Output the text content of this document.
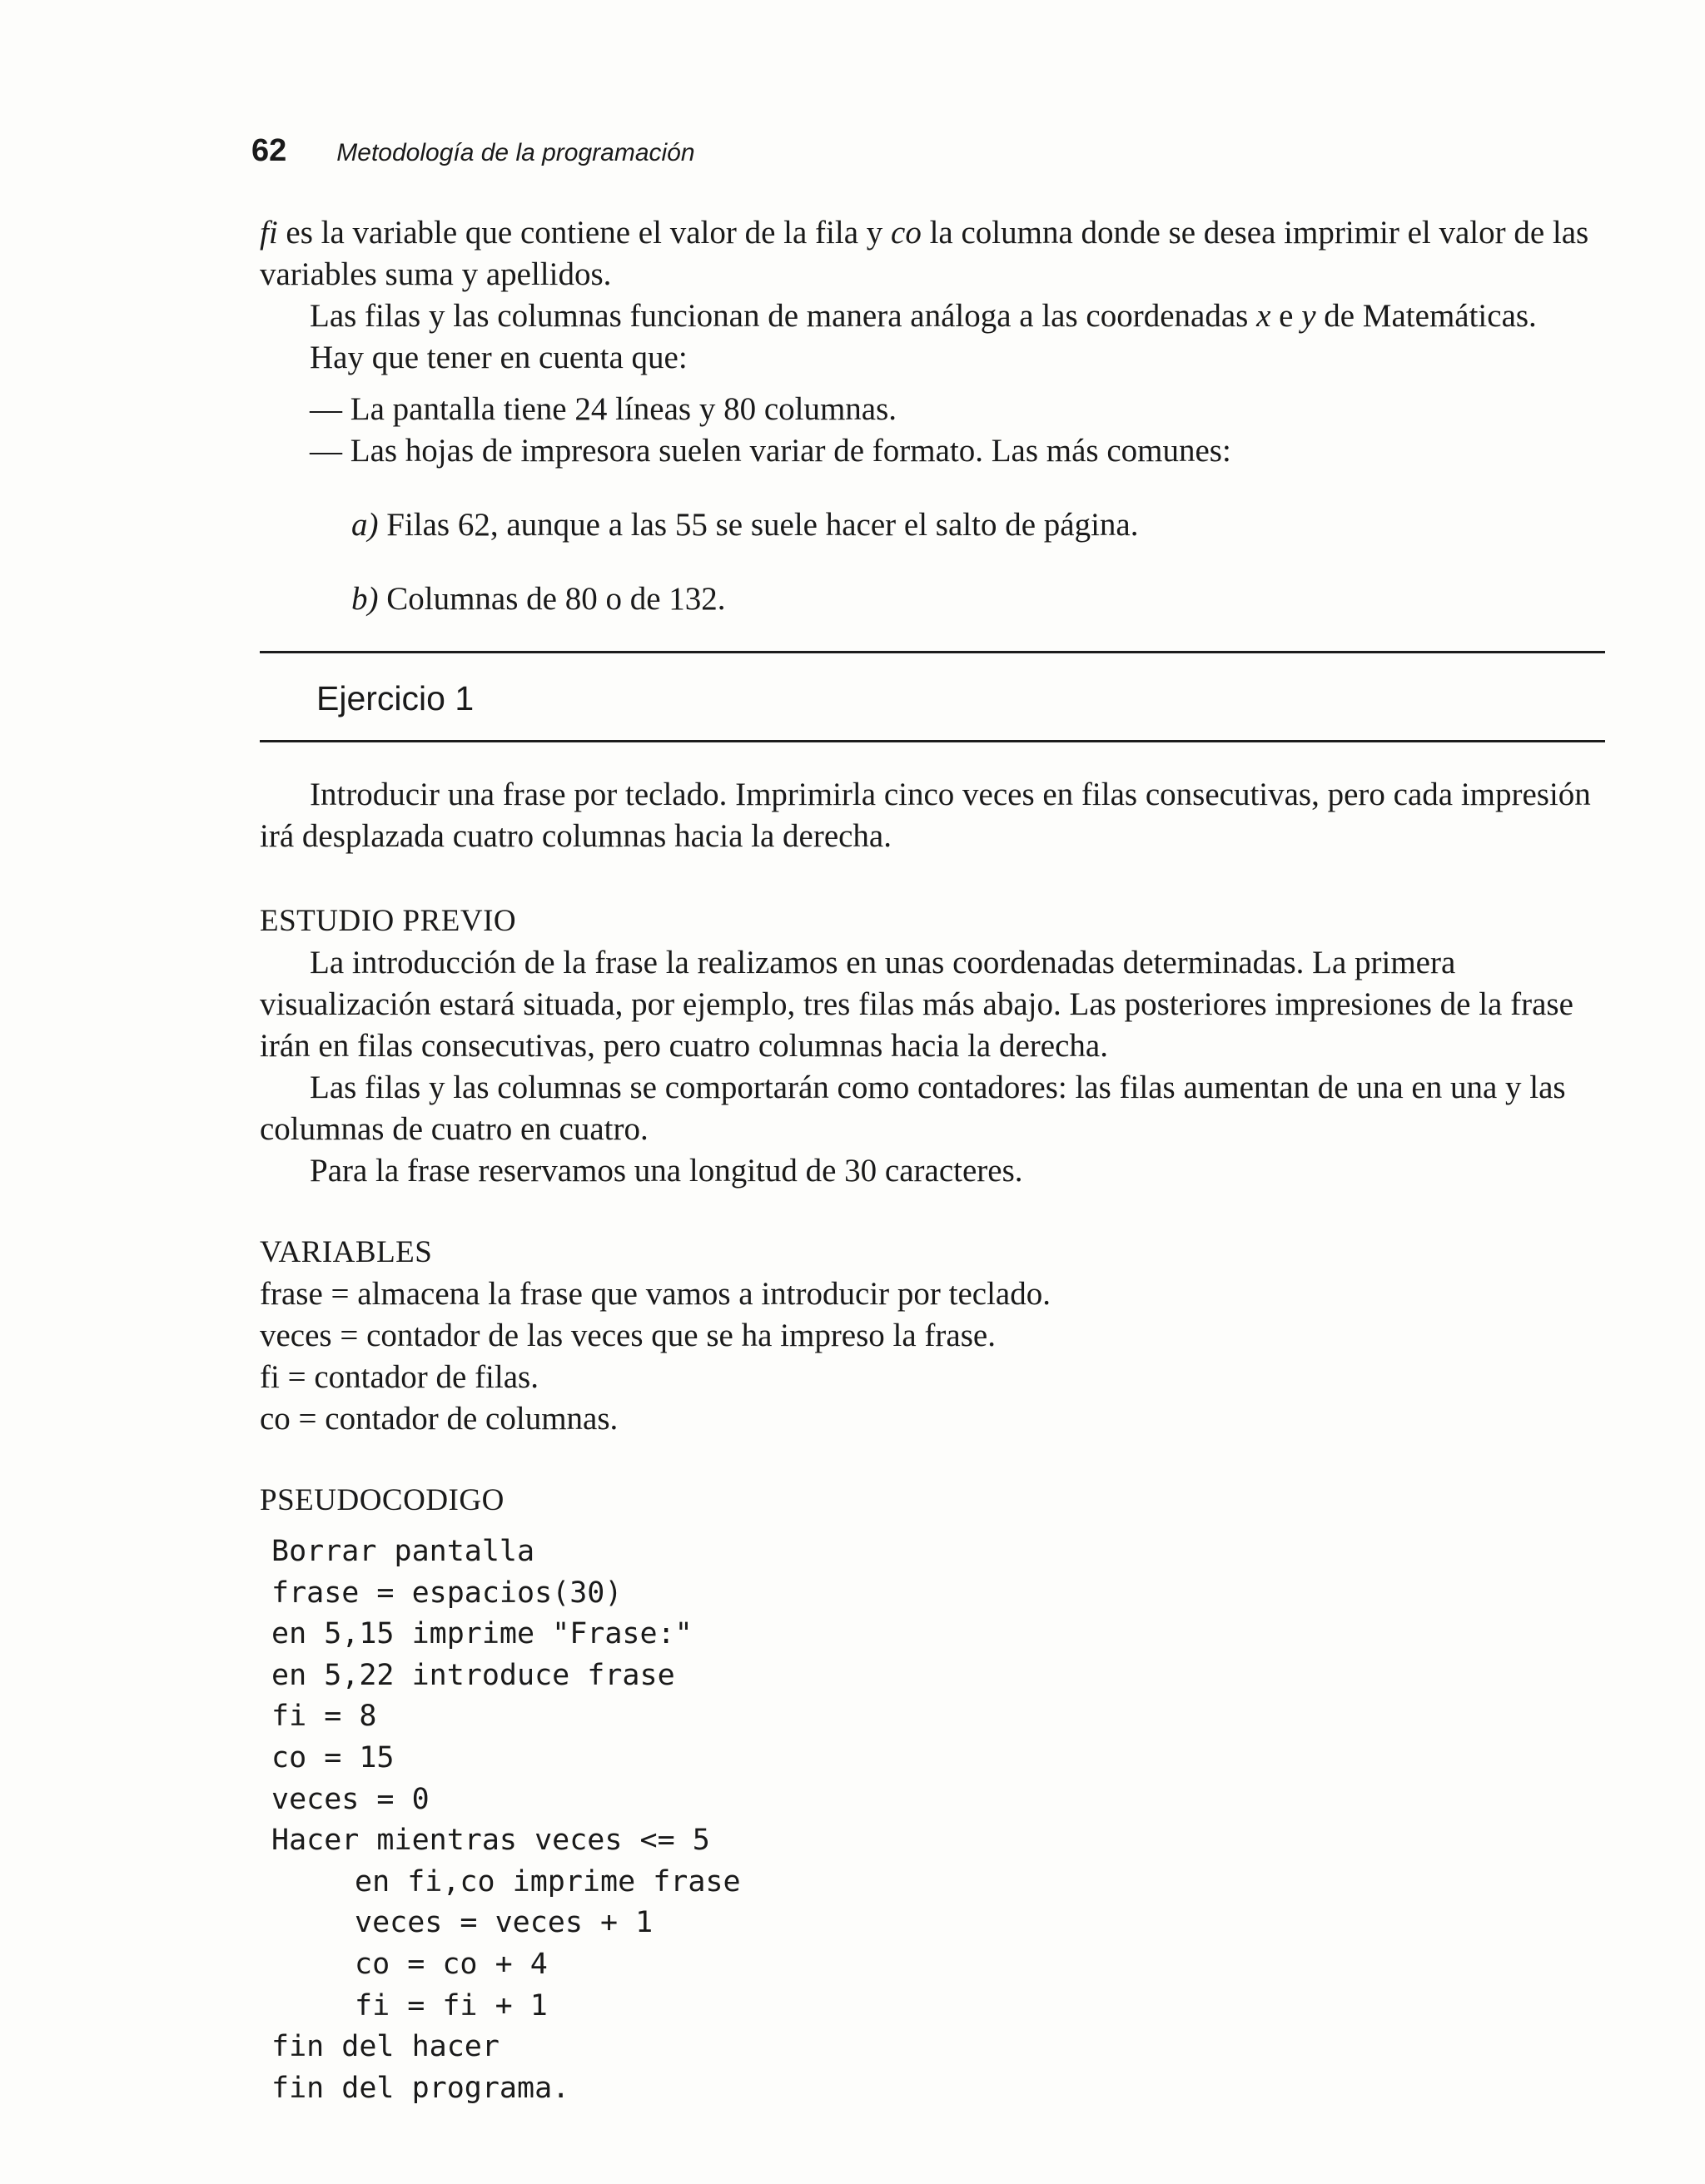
62 Metodología de la programación

fi es la variable que contiene el valor de la fila y co la columna donde se desea imprimir el valor de las variables suma y apellidos.

Las filas y las columnas funcionan de manera análoga a las coordenadas x e y de Matemáticas.

Hay que tener en cuenta que:

— La pantalla tiene 24 líneas y 80 columnas.

— Las hojas de impresora suelen variar de formato. Las más comunes:

a) Filas 62, aunque a las 55 se suele hacer el salto de página.

b) Columnas de 80 o de 132.

Ejercicio 1

Introducir una frase por teclado. Imprimirla cinco veces en filas consecutivas, pero cada impresión irá desplazada cuatro columnas hacia la derecha.

ESTUDIO PREVIO

La introducción de la frase la realizamos en unas coordenadas determinadas. La primera visualización estará situada, por ejemplo, tres filas más abajo. Las posteriores impresiones de la frase irán en filas consecutivas, pero cuatro columnas hacia la derecha.

Las filas y las columnas se comportarán como contadores: las filas aumentan de una en una y las columnas de cuatro en cuatro.

Para la frase reservamos una longitud de 30 caracteres.

VARIABLES

frase = almacena la frase que vamos a introducir por teclado.

veces = contador de las veces que se ha impreso la frase.

fi = contador de filas.

co = contador de columnas.

PSEUDOCODIGO

Borrar pantalla
frase = espacios(30)
en 5,15 imprime "Frase:"
en 5,22 introduce frase
fi = 8
co = 15
veces = 0
Hacer mientras veces <= 5
en fi,co imprime frase
veces = veces + 1
co = co + 4
fi = fi + 1
fin del hacer
fin del programa.
